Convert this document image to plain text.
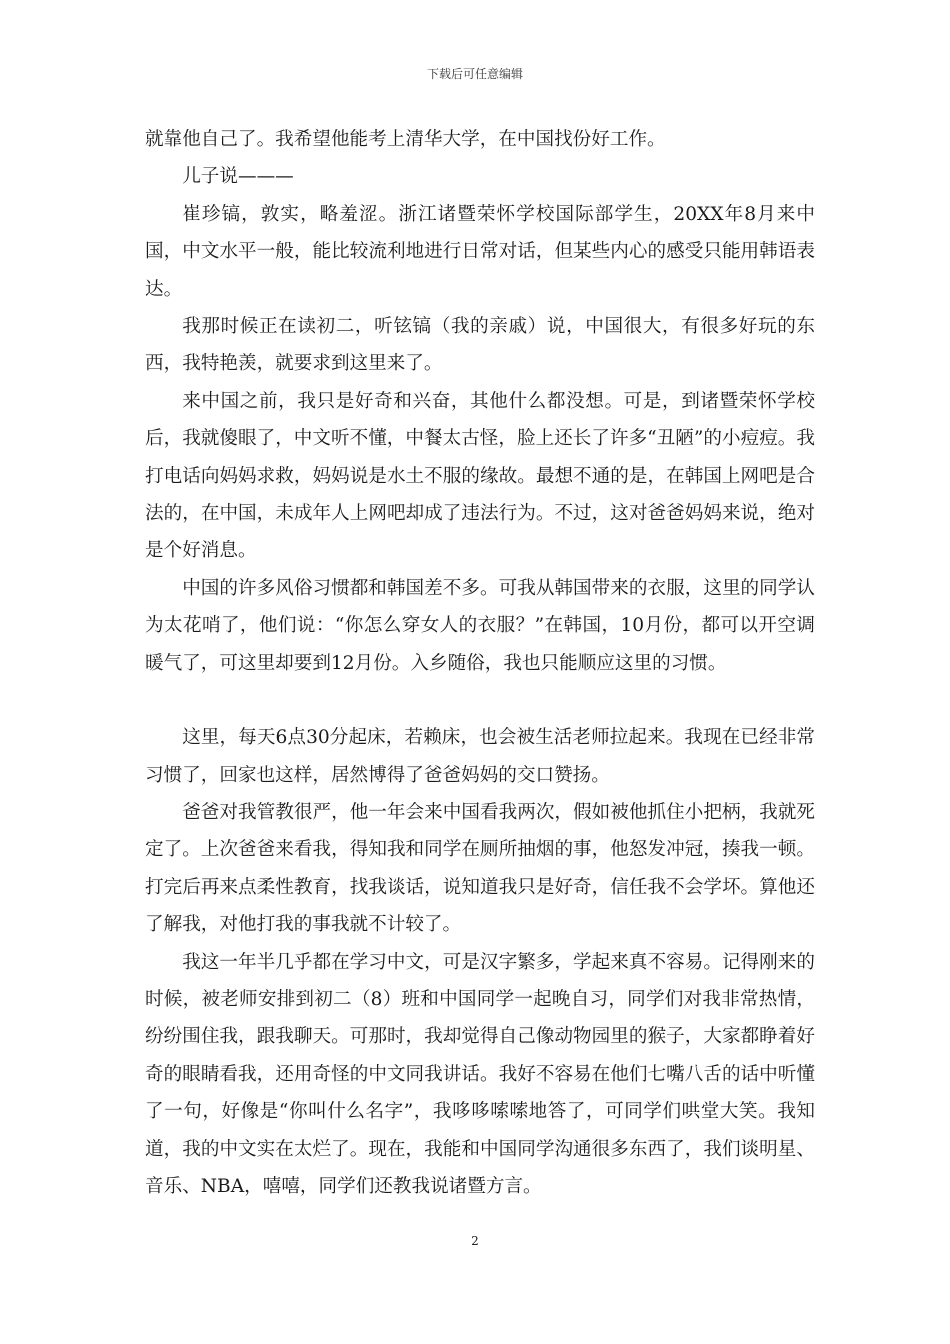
下载后可任意编辑

就靠他自己了。我希望他能考上清华大学，在中国找份好工作。

儿子说———

崔珍镐，敦实，略羞涩。浙江诸暨荣怀学校国际部学生，20XX年8月来中国，中文水平一般，能比较流利地进行日常对话，但某些内心的感受只能用韩语表达。

我那时候正在读初二，听铉镐（我的亲戚）说，中国很大，有很多好玩的东西，我特艳羡，就要求到这里来了。

来中国之前，我只是好奇和兴奋，其他什么都没想。可是，到诸暨荣怀学校后，我就傻眼了，中文听不懂，中餐太古怪，脸上还长了许多“丑陋”的小痘痘。我打电话向妈妈求救，妈妈说是水土不服的缘故。最想不通的是，在韩国上网吧是合法的，在中国，未成年人上网吧却成了违法行为。不过，这对爸爸妈妈来说，绝对是个好消息。

中国的许多风俗习惯都和韩国差不多。可我从韩国带来的衣服，这里的同学认为太花哨了，他们说：“你怎么穿女人的衣服？”在韩国，10月份，都可以开空调暖气了，可这里却要到12月份。入乡随俗，我也只能顺应这里的习惯。

这里，每天6点30分起床，若赖床，也会被生活老师拉起来。我现在已经非常习惯了，回家也这样，居然博得了爸爸妈妈的交口赞扬。

爸爸对我管教很严，他一年会来中国看我两次，假如被他抓住小把柄，我就死定了。上次爸爸来看我，得知我和同学在厕所抽烟的事，他怒发冲冠，揍我一顿。打完后再来点柔性教育，找我谈话，说知道我只是好奇，信任我不会学坏。算他还了解我，对他打我的事我就不计较了。

我这一年半几乎都在学习中文，可是汉字繁多，学起来真不容易。记得刚来的时候，被老师安排到初二（8）班和中国同学一起晚自习，同学们对我非常热情，纷纷围住我，跟我聊天。可那时，我却觉得自己像动物园里的猴子，大家都睁着好奇的眼睛看我，还用奇怪的中文同我讲话。我好不容易在他们七嘴八舌的话中听懂了一句，好像是“你叫什么名字”，我哆哆嗦嗦地答了，可同学们哄堂大笑。我知道，我的中文实在太烂了。现在，我能和中国同学沟通很多东西了，我们谈明星、音乐、NBA，嘻嘻，同学们还教我说诸暨方言。

2
